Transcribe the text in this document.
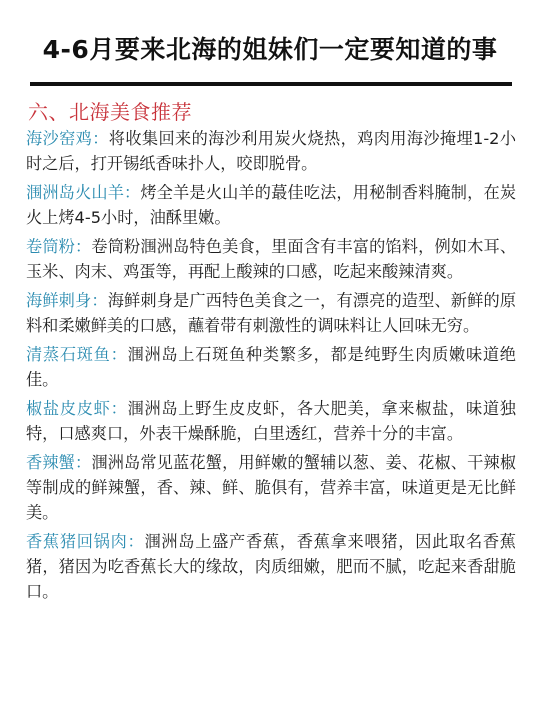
4-6月要来北海的姐妹们一定要知道的事
六、北海美食推荐

海沙窑鸡：将收集回来的海沙利用炭火烧热，鸡肉用海沙掩埋1-2小时之后，打开锡纸香味扑人，咬即脱骨。

涠洲岛火山羊：烤全羊是火山羊的蕞佳吃法，用秘制香料腌制，在炭火上烤4-5小时，油酥里嫩。

卷筒粉：卷筒粉涠洲岛特色美食，里面含有丰富的馅料，例如木耳、玉米、肉末、鸡蛋等，再配上酸辣的口感，吃起来酸辣清爽。

海鲜刺身：海鲜刺身是广西特色美食之一，有漂亮的造型、新鲜的原料和柔嫩鲜美的口感，蘸着带有刺激性的调味料让人回味无穷。

清蒸石斑鱼：涠洲岛上石斑鱼种类繁多，都是纯野生肉质嫩味道绝佳。

椒盐皮皮虾：涠洲岛上野生皮皮虾，各大肥美，拿来椒盐，味道独特，口感爽口，外表干燥酥脆，白里透红，营养十分的丰富。

香辣蟹：涠洲岛常见蓝花蟹，用鲜嫩的蟹辅以葱、姜、花椒、干辣椒等制成的鲜辣蟹，香、辣、鲜、脆俱有，营养丰富，味道更是无比鲜美。

香蕉猪回锅肉：涠洲岛上盛产香蕉，香蕉拿来喂猪，因此取名香蕉猪，猪因为吃香蕉长大的缘故，肉质细嫩，肥而不腻，吃起来香甜脆口。
